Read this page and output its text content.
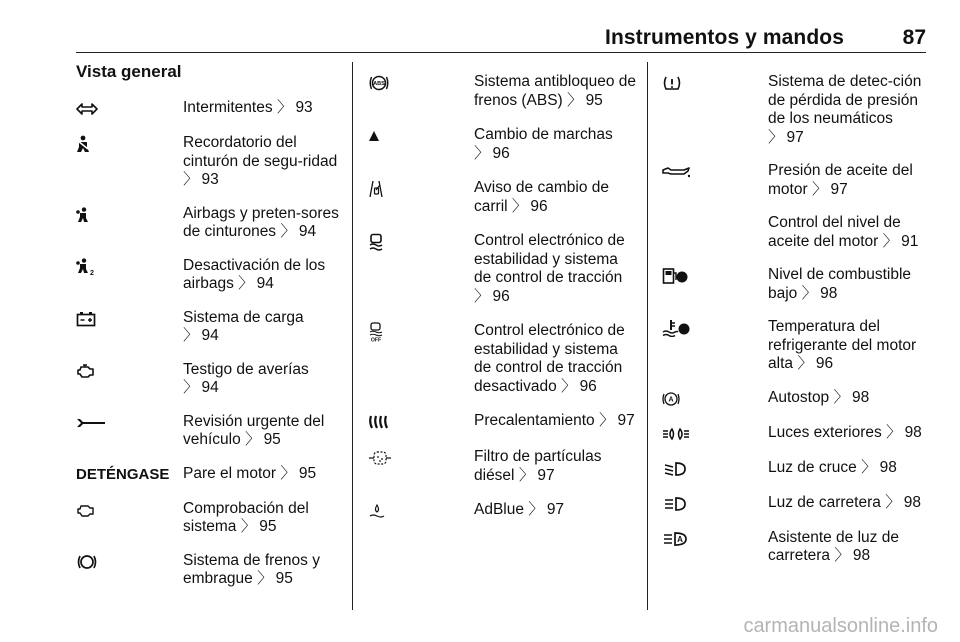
Instrumentos y mandos	87
Vista general
Intermitentes 〉 93
Recordatorio del cinturón de segu-ridad 〉 93
Airbags y preten-sores de cinturones 〉 94
2	Desactivación de los airbags 〉 94
Sistema de carga 〉 94
Testigo de averías 〉 94
Revisión urgente del vehículo 〉 95
DETÉNGASE Pare el motor 〉 95
Comprobación del sistema 〉 95
Sistema de frenos y embrague 〉 95
ABS	Sistema antibloqueo de frenos (ABS) 〉 95
Cambio de marchas 〉 96
Aviso de cambio de carril 〉 96
Control electrónico de estabilidad y sistema de control de tracción 〉 96
OFF
Control electrónico de estabilidad y sistema de control de tracción desactivado 〉 96
Precalentamiento 〉 97
Filtro de partículas diésel 〉 97
AdBlue 〉 97
Sistema de detec-ción de pérdida de presión de los neumáticos 〉 97
Presión de aceite del motor 〉 97
Control del nivel de aceite del motor 〉 91
Nivel de combustible bajo 〉 98
Temperatura del refrigerante del motor alta 〉 96
A	Autostop 〉 98
Luces exteriores 〉 98
Luz de cruce 〉 98
Luz de carretera 〉 98
A	Asistente de luz de carretera 〉 98
carmanualsonline.info
